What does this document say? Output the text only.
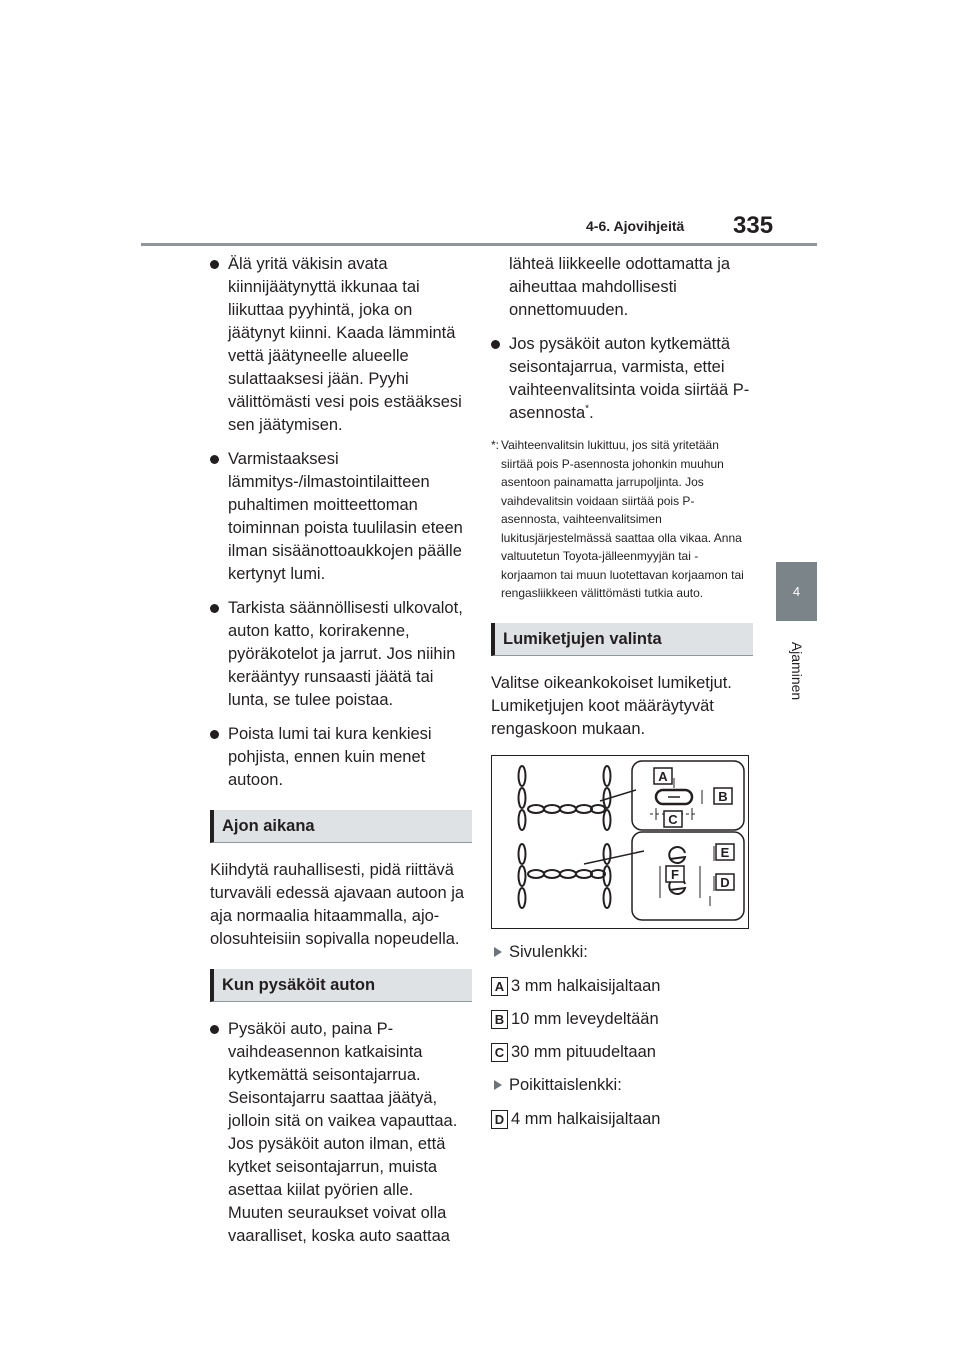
4-6. Ajovihjeitä 335
4
Ajaminen
Älä yritä väkisin avata kiinnijäätynyttä ikkunaa tai liikuttaa pyyhintä, joka on jäätynyt kiinni. Kaada lämmintä vettä jäätyneelle alueelle sulattaaksesi jään. Pyyhi välittömästi vesi pois estääksesi sen jäätymisen.
Varmistaaksesi lämmitys-/ilmastointilaitteen puhaltimen moitteettoman toiminnan poista tuulilasin eteen ilman sisäänottoaukkojen päälle kertynyt lumi.
Tarkista säännöllisesti ulkovalot, auton katto, korirakenne, pyöräkotelot ja jarrut. Jos niihin kerääntyy runsaasti jäätä tai lunta, se tulee poistaa.
Poista lumi tai kura kenkiesi pohjista, ennen kuin menet autoon.
Ajon aikana
Kiihdytä rauhallisesti, pidä riittävä turvaväli edessä ajavaan autoon ja aja normaalia hitaammalla, ajo-olosuhteisiin sopivalla nopeudella.
Kun pysäköit auton
Pysäköi auto, paina P-vaihdeasennon katkaisinta kytkemättä seisontajarrua. Seisontajarru saattaa jäätyä, jolloin sitä on vaikea vapauttaa. Jos pysäköit auton ilman, että kytket seisontajarrun, muista asettaa kiilat pyörien alle.
Muuten seuraukset voivat olla vaaralliset, koska auto saattaa
lähteä liikkeelle odottamatta ja aiheuttaa mahdollisesti onnettomuuden.
Jos pysäköit auton kytkemättä seisontajarrua, varmista, ettei vaihteenvalitsinta voida siirtää P-asennosta*.
*: Vaihteenvalitsin lukittuu, jos sitä yritetään siirtää pois P-asennosta johonkin muuhun asentoon painamatta jarrupoljinta. Jos vaihdevalitsin voidaan siirtää pois P-asennosta, vaihteenvalitsimen lukitusjärjestelmässä saattaa olla vikaa. Anna valtuutetun Toyota-jälleenmyyjän tai -korjaamon tai muun luotettavan korjaamon tai rengasliikkeen välittömästi tutkia auto.
Lumiketjujen valinta
Valitse oikeankokoiset lumiketjut. Lumiketjujen koot määräytyvät rengaskoon mukaan.
A
B
C
E
F
D
Sivulenkki:
A 3 mm halkaisijaltaan
B 10 mm leveydeltään
C 30 mm pituudeltaan
Poikittaislenkki:
D 4 mm halkaisijaltaan
